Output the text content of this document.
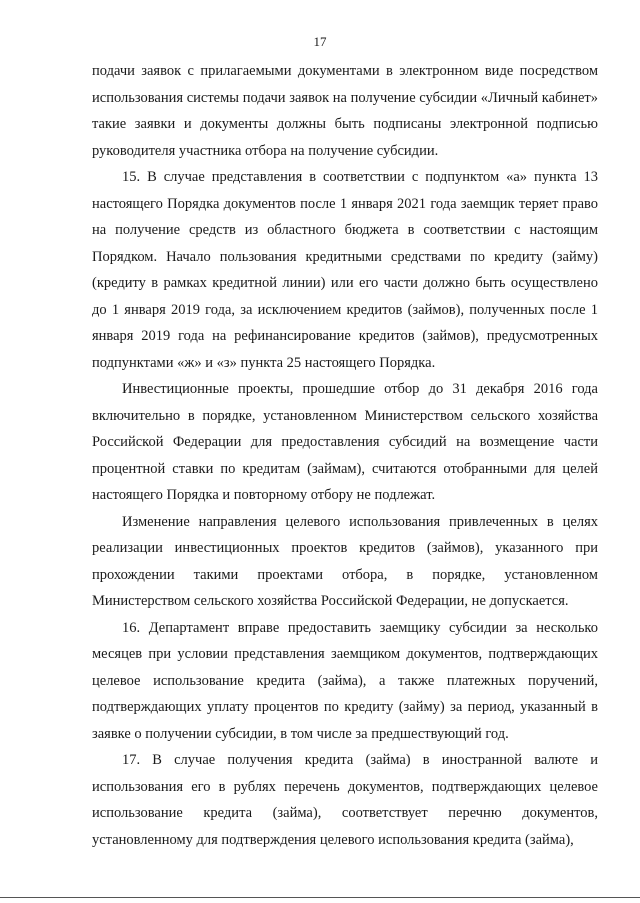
17

подачи заявок с прилагаемыми документами в электронном виде посредством использования системы подачи заявок на получение субсидии «Личный кабинет» такие заявки и документы должны быть подписаны электронной подписью руководителя участника отбора на получение субсидии.

15. В случае представления в соответствии с подпунктом «а» пункта 13 настоящего Порядка документов после 1 января 2021 года заемщик теряет право на получение средств из областного бюджета в соответствии с настоящим Порядком. Начало пользования кредитными средствами по кредиту (займу) (кредиту в рамках кредитной линии) или его части должно быть осуществлено до 1 января 2019 года, за исключением кредитов (займов), полученных после 1 января 2019 года на рефинансирование кредитов (займов), предусмотренных подпунктами «ж» и «з» пункта 25 настоящего Порядка.

Инвестиционные проекты, прошедшие отбор до 31 декабря 2016 года включительно в порядке, установленном Министерством сельского хозяйства Российской Федерации для предоставления субсидий на возмещение части процентной ставки по кредитам (займам), считаются отобранными для целей настоящего Порядка и повторному отбору не подлежат.

Изменение направления целевого использования привлеченных в целях реализации инвестиционных проектов кредитов (займов), указанного при прохождении такими проектами отбора, в порядке, установленном Министерством сельского хозяйства Российской Федерации, не допускается.

16. Департамент вправе предоставить заемщику субсидии за несколько месяцев при условии представления заемщиком документов, подтверждающих целевое использование кредита (займа), а также платежных поручений, подтверждающих уплату процентов по кредиту (займу) за период, указанный в заявке о получении субсидии, в том числе за предшествующий год.

17. В случае получения кредита (займа) в иностранной валюте и использования его в рублях перечень документов, подтверждающих целевое использование кредита (займа), соответствует перечню документов, установленному для подтверждения целевого использования кредита (займа),
